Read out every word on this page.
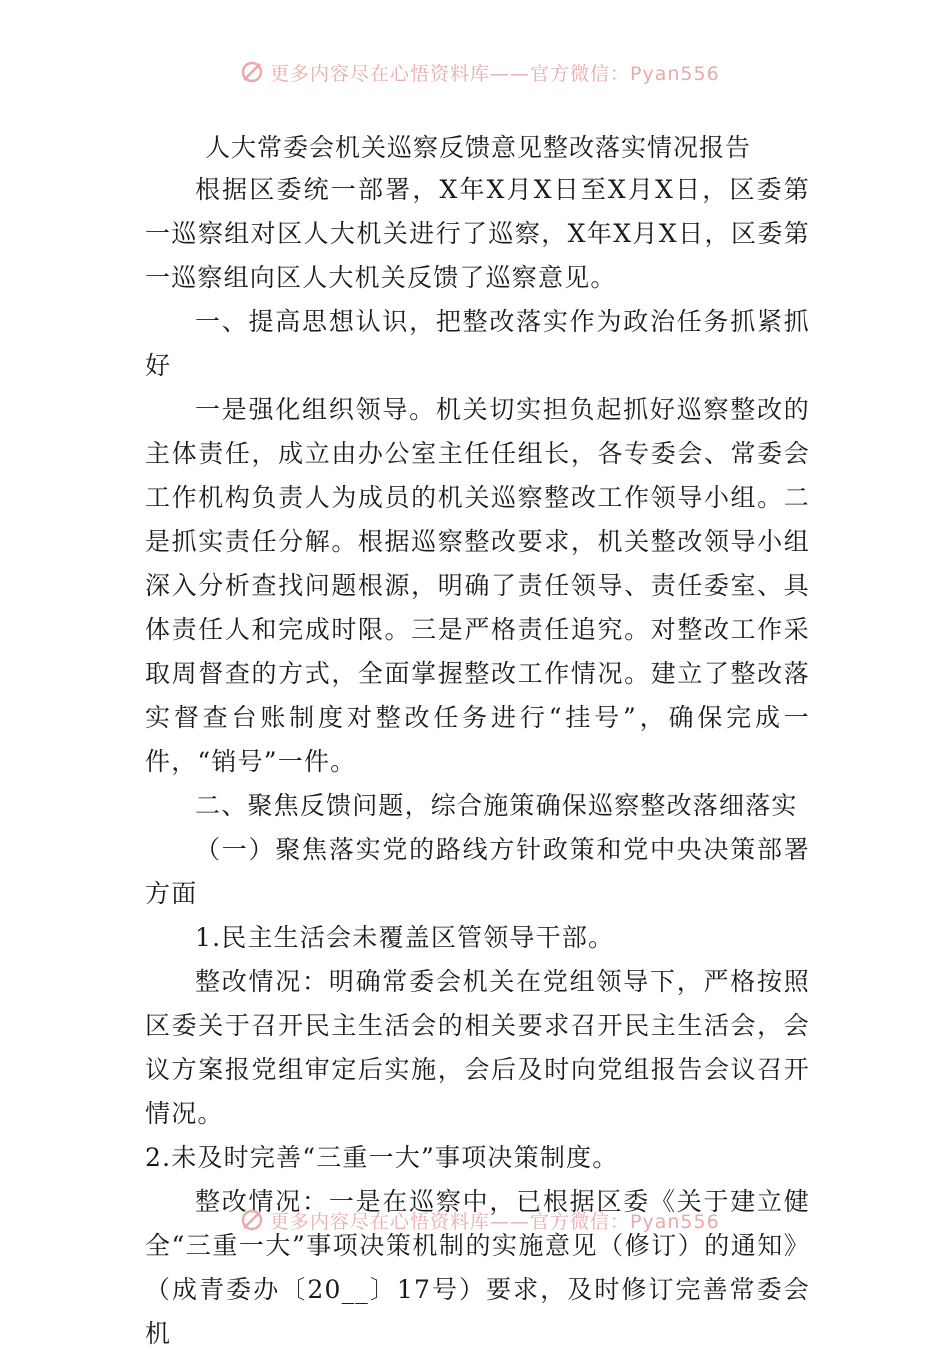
更多内容尽在心悟资料库——官方微信：Pyan556
人大常委会机关巡察反馈意见整改落实情况报告

根据区委统一部署，X年X月X日至X月X日，区委第一巡察组对区人大机关进行了巡察，X年X月X日，区委第一巡察组向区人大机关反馈了巡察意见。

一、提高思想认识，把整改落实作为政治任务抓紧抓好

一是强化组织领导。机关切实担负起抓好巡察整改的主体责任，成立由办公室主任任组长，各专委会、常委会工作机构负责人为成员的机关巡察整改工作领导小组。二是抓实责任分解。根据巡察整改要求，机关整改领导小组深入分析查找问题根源，明确了责任领导、责任委室、具体责任人和完成时限。三是严格责任追究。对整改工作采取周督查的方式，全面掌握整改工作情况。建立了整改落实督查台账制度对整改任务进行“挂号”，确保完成一件，“销号”一件。

二、聚焦反馈问题，综合施策确保巡察整改落细落实

（一）聚焦落实党的路线方针政策和党中央决策部署方面

1.民主生活会未覆盖区管领导干部。

整改情况：明确常委会机关在党组领导下，严格按照区委关于召开民主生活会的相关要求召开民主生活会，会议方案报党组审定后实施，会后及时向党组报告会议召开情况。

2.未及时完善“三重一大”事项决策制度。

整改情况：一是在巡察中，已根据区委《关于建立健全“三重一大”事项决策机制的实施意见（修订）的通知》（成青委办〔20__〕17号）要求，及时修订完善常委会机

更多内容尽在心悟资料库——官方微信：Pyan556
